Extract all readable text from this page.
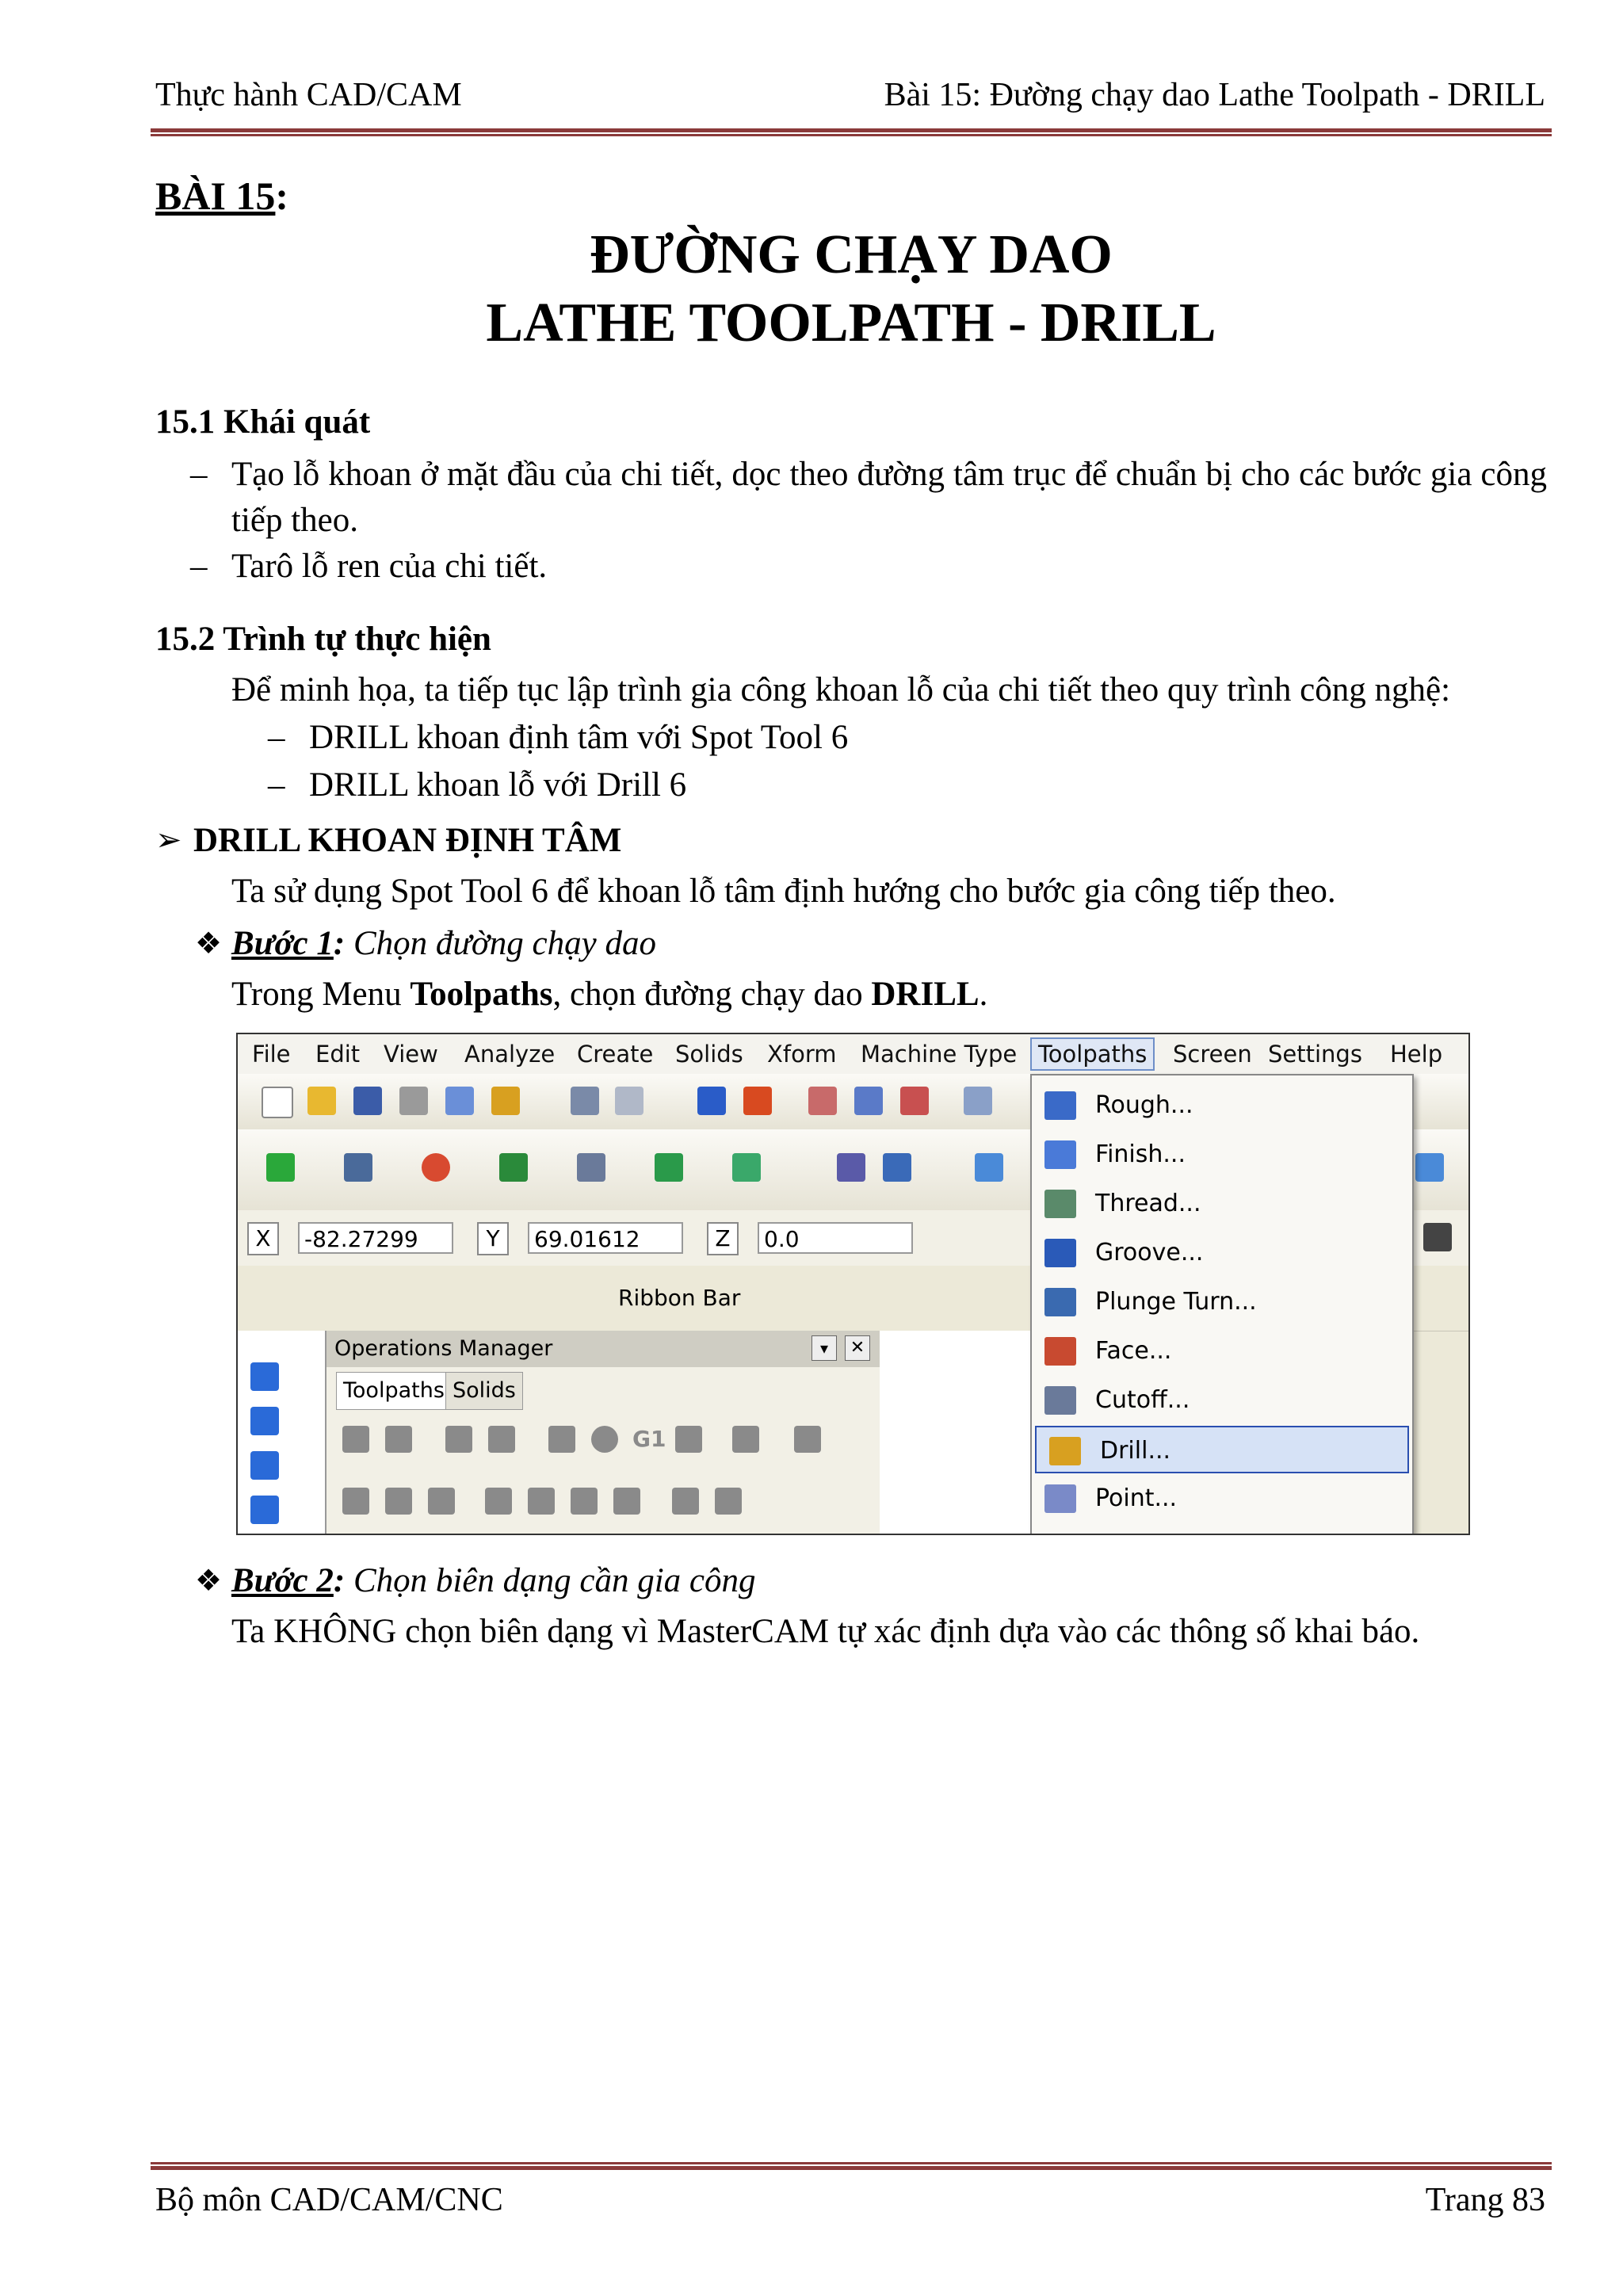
Thực hành CAD/CAM	Bài 15: Đường chạy dao Lathe Toolpath - DRILL
BÀI 15:
ĐƯỜNG CHẠY DAO
LATHE TOOLPATH - DRILL
15.1 Khái quát
– Tạo lỗ khoan ở mặt đầu của chi tiết, dọc theo đường tâm trục để chuẩn bị cho các bước gia công tiếp theo.
– Tarô lỗ ren của chi tiết.
15.2 Trình tự thực hiện
Để minh họa, ta tiếp tục lập trình gia công khoan lỗ của chi tiết theo quy trình công nghệ:
– DRILL khoan định tâm với Spot Tool 6
– DRILL khoan lỗ với Drill 6
➢ DRILL KHOAN ĐỊNH TÂM
Ta sử dụng Spot Tool 6 để khoan lỗ tâm định hướng cho bước gia công tiếp theo.
❖ Bước 1: Chọn đường chạy dao
Trong Menu Toolpaths, chọn đường chạy dao DRILL.
File Edit View Analyze Create Solids Xform Machine Type Toolpaths	Screen Settings Help
X	-82.27299	Y	69.01612	Z	0.0
Ribbon Bar
Operations Manager	▾	✕
Toolpaths Solids
G1
Rough...
Finish...
Thread...
Groove...
Plunge Turn...
Face...
Cutoff...
Drill...
Point...
❖ Bước 2: Chọn biên dạng cần gia công
Ta KHÔNG chọn biên dạng vì MasterCAM tự xác định dựa vào các thông số khai báo.
Bộ môn CAD/CAM/CNC	Trang 83
